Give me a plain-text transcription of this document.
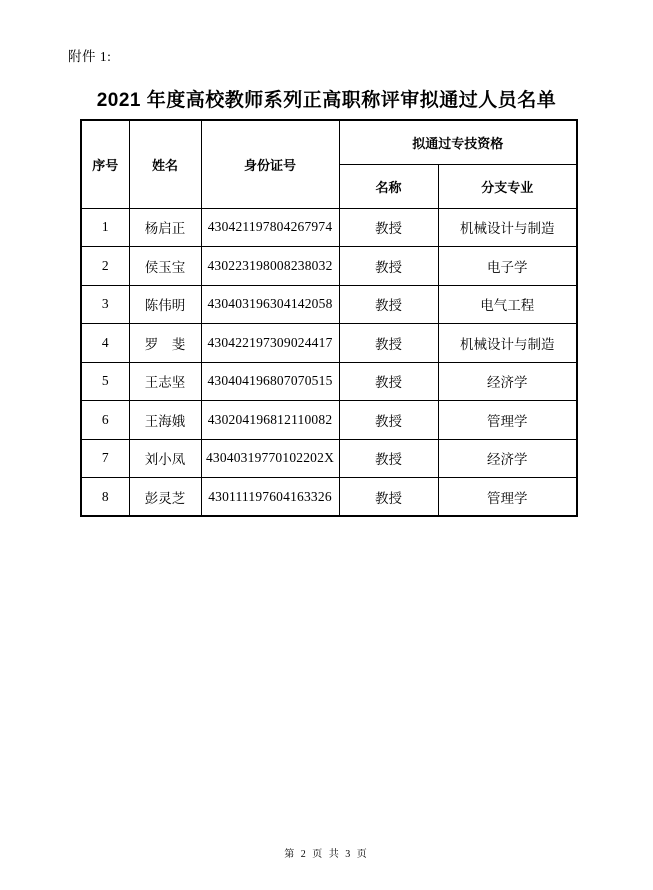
附件 1:
2021 年度高校教师系列正高职称评审拟通过人员名单
序号	姓名	身份证号	拟通过专技资格	
			名称	分支专业
1	杨启正	430421197804267974	教授	机械设计与制造
2	侯玉宝	430223198008238032	教授	电子学
3	陈伟明	430403196304142058	教授	电气工程
4	罗　斐	430422197309024417	教授	机械设计与制造
5	王志坚	430404196807070515	教授	经济学
6	王海娥	430204196812110082	教授	管理学
7	刘小凤	43040319770102202X	教授	经济学
8	彭灵芝	430111197604163326	教授	管理学
第 2 页 共 3 页
